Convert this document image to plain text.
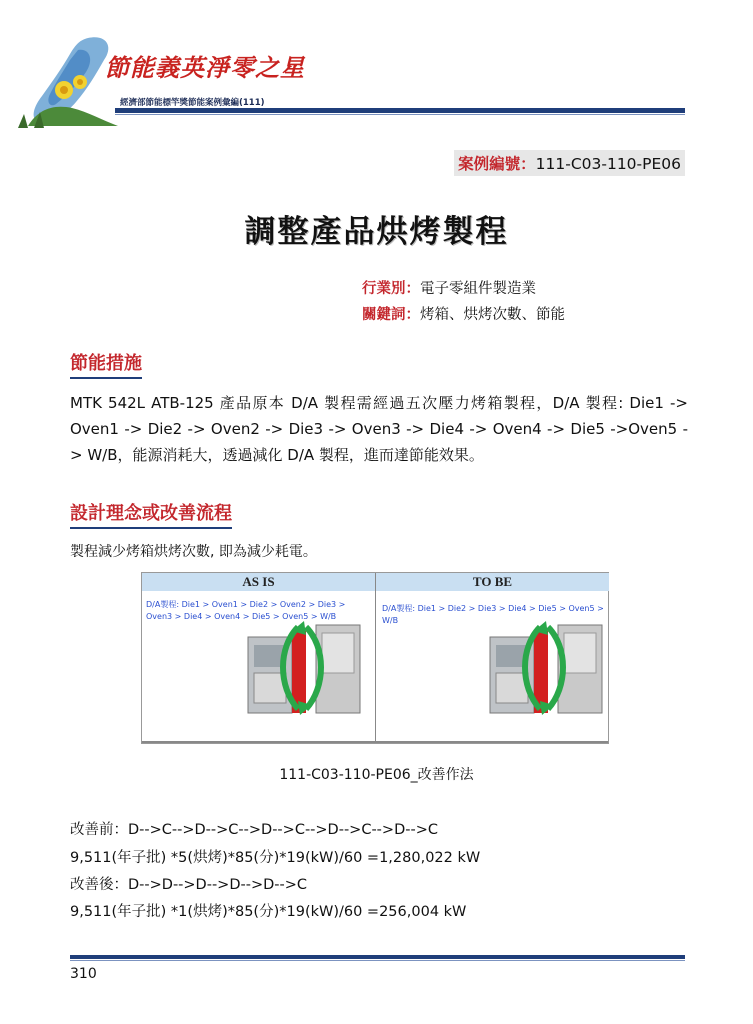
節能義英淨零之星
經濟部節能標竿獎節能案例彙編(111)
案例編號：111-C03-110-PE06
調整產品烘烤製程
行業別：電子零組件製造業
關鍵詞：烤箱、烘烤次數、節能
節能措施
MTK 542L ATB-125 產品原本 D/A 製程需經過五次壓力烤箱製程，D/A 製程: Die1 -> Oven1 -> Die2 -> Oven2 -> Die3 -> Oven3 -> Die4 -> Oven4 -> Die5 ->Oven5 -> W/B，能源消耗大，透過減化 D/A 製程，進而達節能效果。
設計理念或改善流程
製程減少烤箱烘烤次數, 即為減少耗電。
AS IS	TO BE
D/A製程: Die1 > Oven1 > Die2 > Oven2 > Die3 > Oven3 > Die4 > Oven4 > Die5 > Oven5 > W/B
D/A製程: Die1 > Die2 > Die3 > Die4 > Die5 > Oven5 > W/B
111-C03-110-PE06_改善作法
改善前：D-->C-->D-->C-->D-->C-->D-->C-->D-->C
9,511(年子批) *5(烘烤)*85(分)*19(kW)/60 =1,280,022 kW
改善後：D-->D-->D-->D-->D-->C
9,511(年子批) *1(烘烤)*85(分)*19(kW)/60 =256,004 kW
310
